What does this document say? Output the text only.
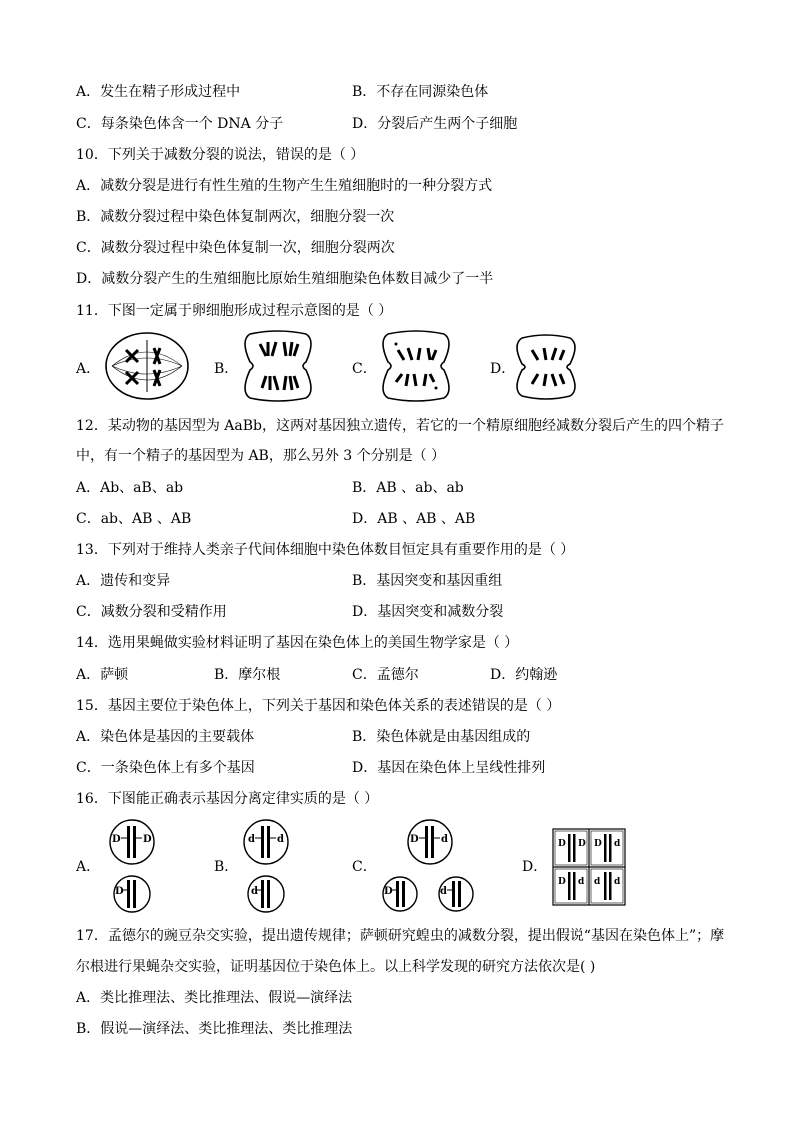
A．发生在精子形成过程中	B．不存在同源染色体
C．每条染色体含一个 DNA 分子	D．分裂后产生两个子细胞
10．下列关于减数分裂的说法，错误的是（ ）
A．减数分裂是进行有性生殖的生物产生生殖细胞时的一种分裂方式
B．减数分裂过程中染色体复制两次，细胞分裂一次
C．减数分裂过程中染色体复制一次，细胞分裂两次
D．减数分裂产生的生殖细胞比原始生殖细胞染色体数目减少了一半
11．下图一定属于卵细胞形成过程示意图的是（ ）
A．	B．	C．	D．
12．某动物的基因型为 AaBb，这两对基因独立遗传，若它的一个精原细胞经减数分裂后产生的四个精子
中，有一个精子的基因型为 AB，那么另外 3 个分别是（ ）
A．Ab、aB、ab	B．AB 、ab、ab
C．ab、AB 、AB	D．AB 、AB 、AB
13．下列对于维持人类亲子代间体细胞中染色体数目恒定具有重要作用的是（ ）
A．遗传和变异	B．基因突变和基因重组
C．减数分裂和受精作用	D．基因突变和减数分裂
14．选用果蝇做实验材料证明了基因在染色体上的美国生物学家是（ ）
A．萨顿	B．摩尔根	C．孟德尔	D．约翰逊
15．基因主要位于染色体上，下列关于基因和染色体关系的表述错误的是（ ）
A．染色体是基因的主要载体	B．染色体就是由基因组成的
C．一条染色体上有多个基因	D．基因在染色体上呈线性排列
16．下图能正确表示基因分离定律实质的是（ ）
A．
D D
D
B．
d d
d
C．
D d
D	d
D．
D D D d
D d d d
17．孟德尔的豌豆杂交实验，提出遗传规律；萨顿研究蝗虫的减数分裂，提出假说“基因在染色体上”；摩
尔根进行果蝇杂交实验，证明基因位于染色体上。以上科学发现的研究方法依次是( )
A．类比推理法、类比推理法、假说—演绎法
B．假说—演绎法、类比推理法、类比推理法
